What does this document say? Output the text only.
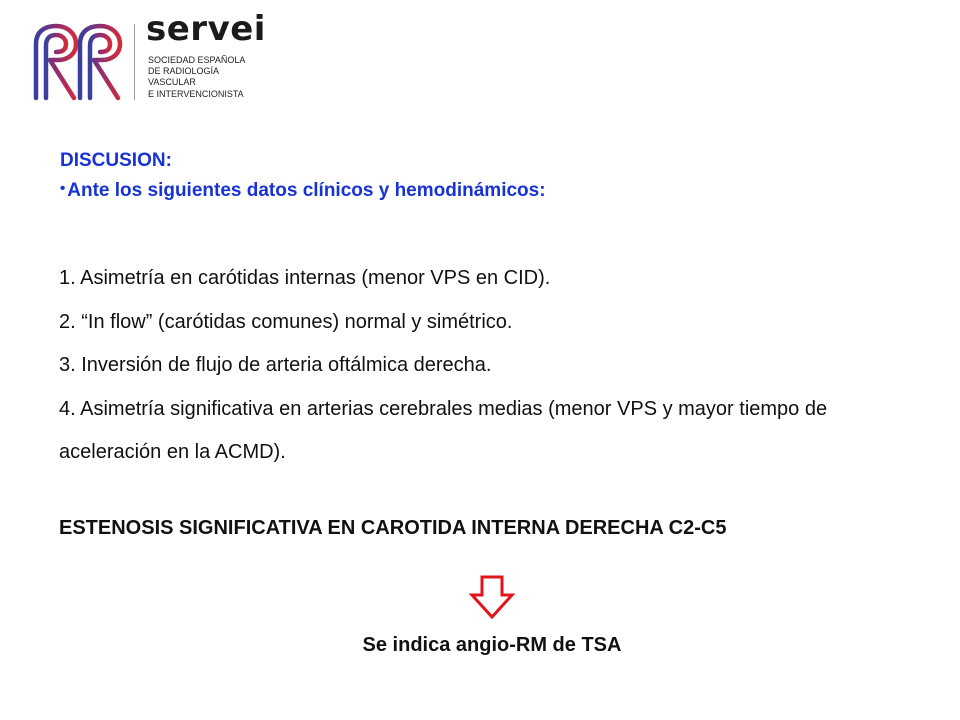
servei
SOCIEDAD ESPAÑOLA
DE RADIOLOGÍA
VASCULAR
E INTERVENCIONISTA
DISCUSION:
• Ante los siguientes datos clínicos y hemodinámicos:
1. Asimetría en carótidas internas (menor VPS en CID).
2. “In flow” (carótidas comunes) normal y simétrico.
3. Inversión de flujo de arteria oftálmica derecha.
4. Asimetría significativa en arterias cerebrales medias (menor VPS y mayor tiempo de aceleración en la ACMD).
ESTENOSIS SIGNIFICATIVA EN CAROTIDA INTERNA DERECHA C2-C5
Se indica angio-RM de TSA
